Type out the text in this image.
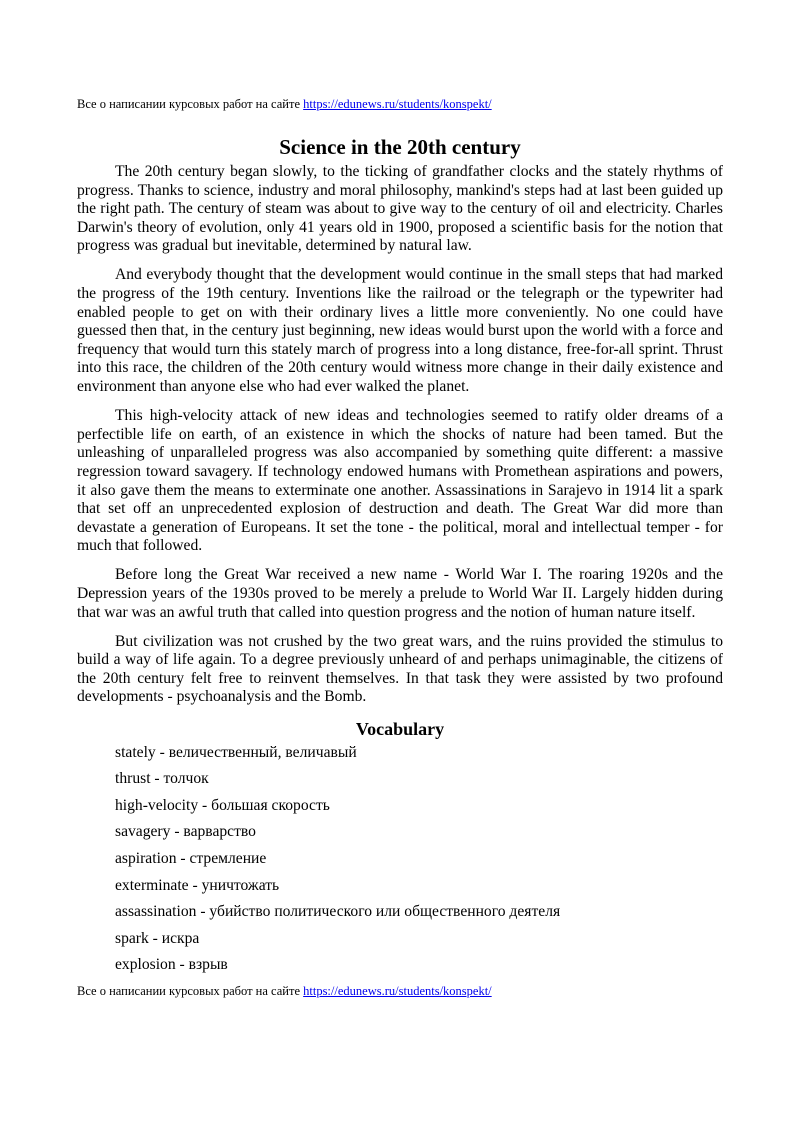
Все о написании курсовых работ на сайте https://edunews.ru/students/konspekt/
Science in the 20th century

The 20th century began slowly, to the ticking of grandfather clocks and the stately rhythms of progress. Thanks to science, industry and moral philosophy, mankind's steps had at last been guided up the right path. The century of steam was about to give way to the century of oil and electricity. Charles Darwin's theory of evolution, only 41 years old in 1900, proposed a scientific basis for the notion that progress was gradual but inevitable, determined by natural law.

And everybody thought that the development would continue in the small steps that had marked the progress of the 19th century. Inventions like the railroad or the telegraph or the typewriter had enabled people to get on with their ordinary lives a little more conveniently. No one could have guessed then that, in the century just beginning, new ideas would burst upon the world with a force and frequency that would turn this stately march of progress into a long distance, free-for-all sprint. Thrust into this race, the children of the 20th century would witness more change in their daily existence and environment than anyone else who had ever walked the planet.

This high-velocity attack of new ideas and technologies seemed to ratify older dreams of a perfectible life on earth, of an existence in which the shocks of nature had been tamed. But the unleashing of unparalleled progress was also accompanied by something quite different: a massive regression toward savagery. If technology endowed humans with Promethean aspirations and powers, it also gave them the means to exterminate one another. Assassinations in Sarajevo in 1914 lit a spark that set off an unprecedented explosion of destruction and death. The Great War did more than devastate a generation of Europeans. It set the tone - the political, moral and intellectual temper - for much that followed.

Before long the Great War received a new name - World War I. The roaring 1920s and the Depression years of the 1930s proved to be merely a prelude to World War II. Largely hidden during that war was an awful truth that called into question progress and the notion of human nature itself.

But civilization was not crushed by the two great wars, and the ruins provided the stimulus to build a way of life again. To a degree previously unheard of and perhaps unimaginable, the citizens of the 20th century felt free to reinvent themselves. In that task they were assisted by two profound developments - psychoanalysis and the Bomb.

Vocabulary
stately - величественный, величавый
thrust - толчок
high-velocity - большая скорость
savagery - варварство
aspiration - стремление
exterminate - уничтожать
assassination - убийство политического или общественного деятеля
spark - искра
explosion - взрыв
Все о написании курсовых работ на сайте https://edunews.ru/students/konspekt/
